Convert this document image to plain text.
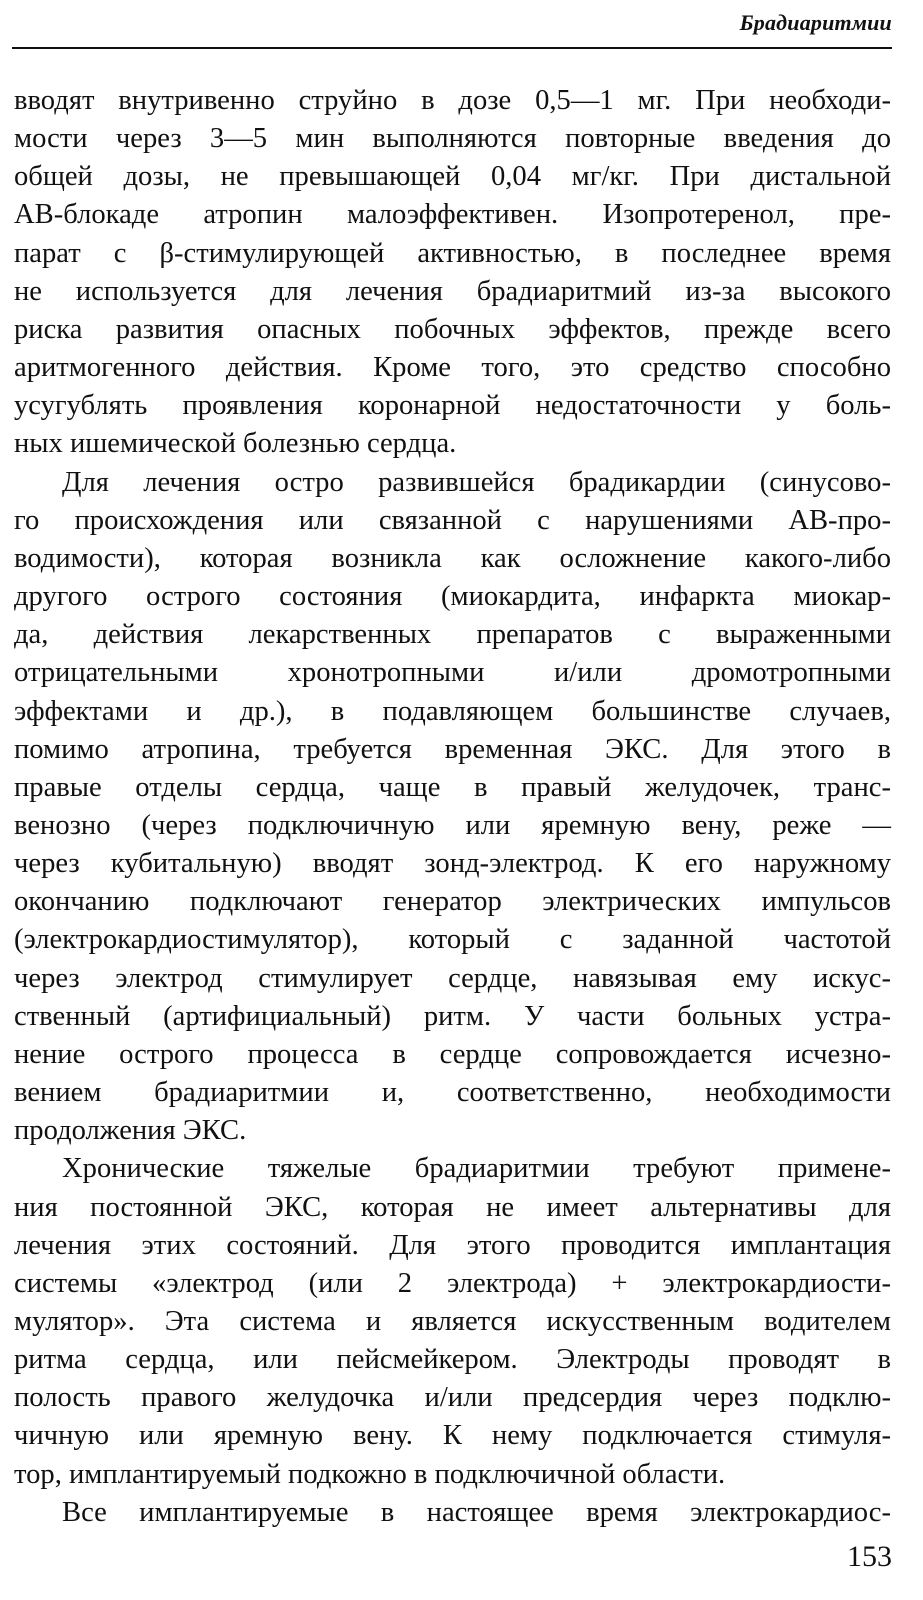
Брадиаритмии
вводят внутривенно струйно в дозе 0,5—1 мг. При необходи-
мости через 3—5 мин выполняются повторные введения до
общей дозы, не превышающей 0,04 мг/кг. При дистальной
АВ-блокаде атропин малоэффективен. Изопротеренол, пре-
парат с β-стимулирующей активностью, в последнее время
не используется для лечения брадиаритмий из-за высокого
риска развития опасных побочных эффектов, прежде всего
аритмогенного действия. Кроме того, это средство способно
усугублять проявления коронарной недостаточности у боль-
ных ишемической болезнью сердца.
Для лечения остро развившейся брадикардии (синусово-
го происхождения или связанной с нарушениями АВ-про-
водимости), которая возникла как осложнение какого-либо
другого острого состояния (миокардита, инфаркта миокар-
да, действия лекарственных препаратов с выраженными
отрицательными хронотропными и/или дромотропными
эффектами и др.), в подавляющем большинстве случаев,
помимо атропина, требуется временная ЭКС. Для этого в
правые отделы сердца, чаще в правый желудочек, транс-
венозно (через подключичную или яремную вену, реже —
через кубитальную) вводят зонд-электрод. К его наружному
окончанию подключают генератор электрических импульсов
(электрокардиостимулятор), который с заданной частотой
через электрод стимулирует сердце, навязывая ему искус-
ственный (артифициальный) ритм. У части больных устра-
нение острого процесса в сердце сопровождается исчезно-
вением брадиаритмии и, соответственно, необходимости
продолжения ЭКС.
Хронические тяжелые брадиаритмии требуют примене-
ния постоянной ЭКС, которая не имеет альтернативы для
лечения этих состояний. Для этого проводится имплантация
системы «электрод (или 2 электрода) + электрокардиости-
мулятор». Эта система и является искусственным водителем
ритма сердца, или пейсмейкером. Электроды проводят в
полость правого желудочка и/или предсердия через подклю-
чичную или яремную вену. К нему подключается стимуля-
тор, имплантируемый подкожно в подключичной области.
Все имплантируемые в настоящее время электрокардиос-
153
